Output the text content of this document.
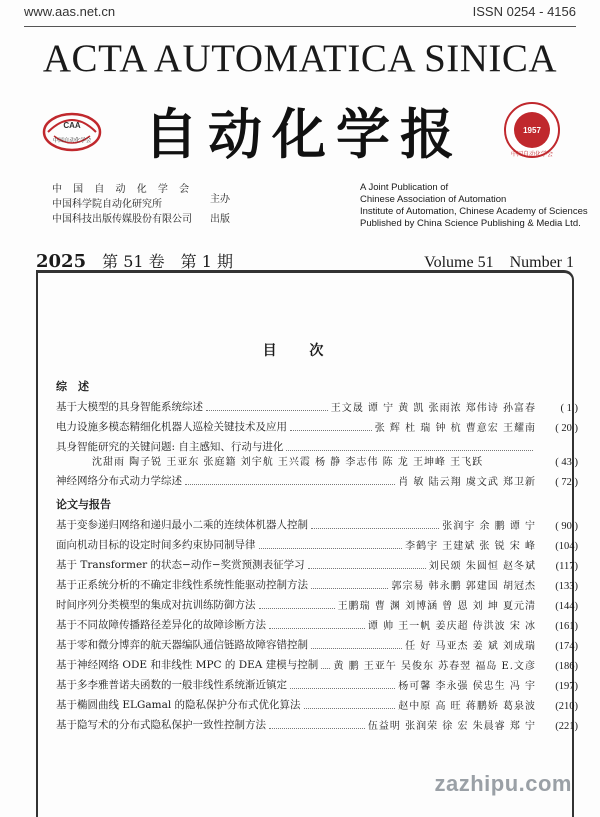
www.aas.net.cn	ISSN 0254 - 4156
ACTA AUTOMATICA SINICA
CAA
中国自动化学会 自动化学报	1957
中国自动化学会
中 国 自 动 化 学 会
中国科学院自动化研究所
中国科技出版传媒股份有限公司
主办
出版
A Joint Publication of
Chinese Association of Automation
Institute of Automation, Chinese Academy of Sciences
Published by China Science Publishing & Media Ltd.
2025 第 51 卷 第 1 期	Volume 51 Number 1
目 次
综　述
基于大模型的具身智能系统综述	王文晟 谭 宁 黄 凯 张雨浓 郑伟诗 孙富春	( 1 )
电力设施多模态精细化机器人巡检关键技术及应用	张 辉 杜 瑞 钟 杭 曹意宏 王耀南	( 20 )
具身智能研究的关键问题: 自主感知、行动与进化
沈甜雨 陶子锐 王亚东 张庭籍 刘宇航 王兴霞 杨 静 李志伟 陈 龙 王坤峰 王飞跃	( 43 )
神经网络分布式动力学综述	肖 敏 陆云翔 虞文武 郑卫新	( 72 )
论文与报告
基于变参递归网络和递归最小二乘的连续体机器人控制	张润宇 余 鹏 谭 宁	( 90 )
面向机动目标的设定时间多约束协同制导律	李鹤宇 王建斌 张 锐 宋 峰	(104)
基于 Transformer 的状态−动作−奖赏预测表征学习	刘民颂 朱圆恒 赵冬斌	(117)
基于正系统分析的不确定非线性系统性能驱动控制方法	郭宗易 韩永鹏 郭建国 胡冠杰	(133)
时间序列分类模型的集成对抗训练防御方法	王鹏瑞 曹 渊 刘博涵 曾 恩 刘 坤 夏元清	(144)
基于不同故障传播路径差异化的故障诊断方法	谭 帅 王一帆 姜庆超 侍洪波 宋 冰	(161)
基于零和微分博弈的航天器编队通信链路故障容错控制	任 好 马亚杰 姜 斌 刘成瑞	(174)
基于神经网络 ODE 和非线性 MPC 的 DEA 建模与控制 黄 鹏 王亚午 吴俊东 苏春翌 福岛 E.文彦	(186)
基于多李雅普诺夫函数的一般非线性系统渐近镇定	杨可馨 李永强 侯忠生 冯 宇	(197)
基于椭圆曲线 ELGamal 的隐私保护分布式优化算法	赵中原 高 旺 蒋鹏娇 葛泉波	(210)
基于隐写术的分布式隐私保护一致性控制方法	伍益明 张润荣 徐 宏 朱晨睿 郑 宁	(221)
zazhipu.com
